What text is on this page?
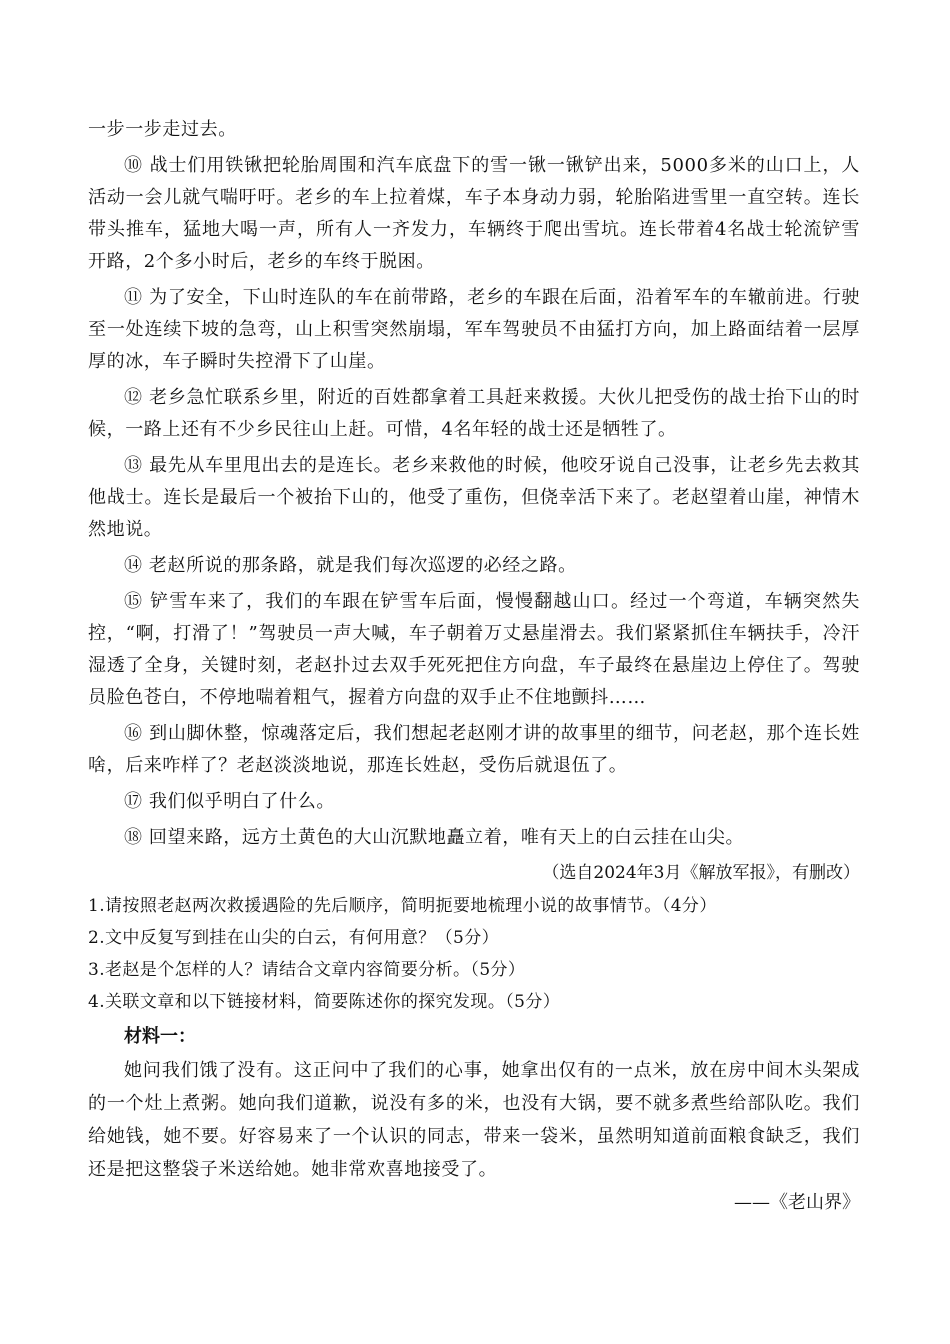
一步一步走过去。

⑩ 战士们用铁锹把轮胎周围和汽车底盘下的雪一锹一锹铲出来，5000多米的山口上，人活动一会儿就气喘吁吁。老乡的车上拉着煤，车子本身动力弱，轮胎陷进雪里一直空转。连长带头推车，猛地大喝一声，所有人一齐发力，车辆终于爬出雪坑。连长带着4名战士轮流铲雪开路，2个多小时后，老乡的车终于脱困。

⑪ 为了安全，下山时连队的车在前带路，老乡的车跟在后面，沿着军车的车辙前进。行驶至一处连续下坡的急弯，山上积雪突然崩塌，军车驾驶员不由猛打方向，加上路面结着一层厚厚的冰，车子瞬时失控滑下了山崖。

⑫ 老乡急忙联系乡里，附近的百姓都拿着工具赶来救援。大伙儿把受伤的战士抬下山的时候，一路上还有不少乡民往山上赶。可惜，4名年轻的战士还是牺牲了。

⑬ 最先从车里甩出去的是连长。老乡来救他的时候，他咬牙说自己没事，让老乡先去救其他战士。连长是最后一个被抬下山的，他受了重伤，但侥幸活下来了。老赵望着山崖，神情木然地说。

⑭ 老赵所说的那条路，就是我们每次巡逻的必经之路。

⑮ 铲雪车来了，我们的车跟在铲雪车后面，慢慢翻越山口。经过一个弯道，车辆突然失控，“啊，打滑了！”驾驶员一声大喊，车子朝着万丈悬崖滑去。我们紧紧抓住车辆扶手，冷汗湿透了全身，关键时刻，老赵扑过去双手死死把住方向盘，车子最终在悬崖边上停住了。驾驶员脸色苍白，不停地喘着粗气，握着方向盘的双手止不住地颤抖……

⑯ 到山脚休整，惊魂落定后，我们想起老赵刚才讲的故事里的细节，问老赵，那个连长姓啥，后来咋样了？老赵淡淡地说，那连长姓赵，受伤后就退伍了。

⑰ 我们似乎明白了什么。

⑱ 回望来路，远方土黄色的大山沉默地矗立着，唯有天上的白云挂在山尖。

（选自2024年3月《解放军报》，有删改）

1.请按照老赵两次救援遇险的先后顺序，简明扼要地梳理小说的故事情节。（4分）

2.文中反复写到挂在山尖的白云，有何用意？（5分）

3.老赵是个怎样的人？请结合文章内容简要分析。（5分）

4.关联文章和以下链接材料，简要陈述你的探究发现。（5分）

材料一：

她问我们饿了没有。这正问中了我们的心事，她拿出仅有的一点米，放在房中间木头架成的一个灶上煮粥。她向我们道歉，说没有多的米，也没有大锅，要不就多煮些给部队吃。我们给她钱，她不要。好容易来了一个认识的同志，带来一袋米，虽然明知道前面粮食缺乏，我们还是把这整袋子米送给她。她非常欢喜地接受了。

——《老山界》
